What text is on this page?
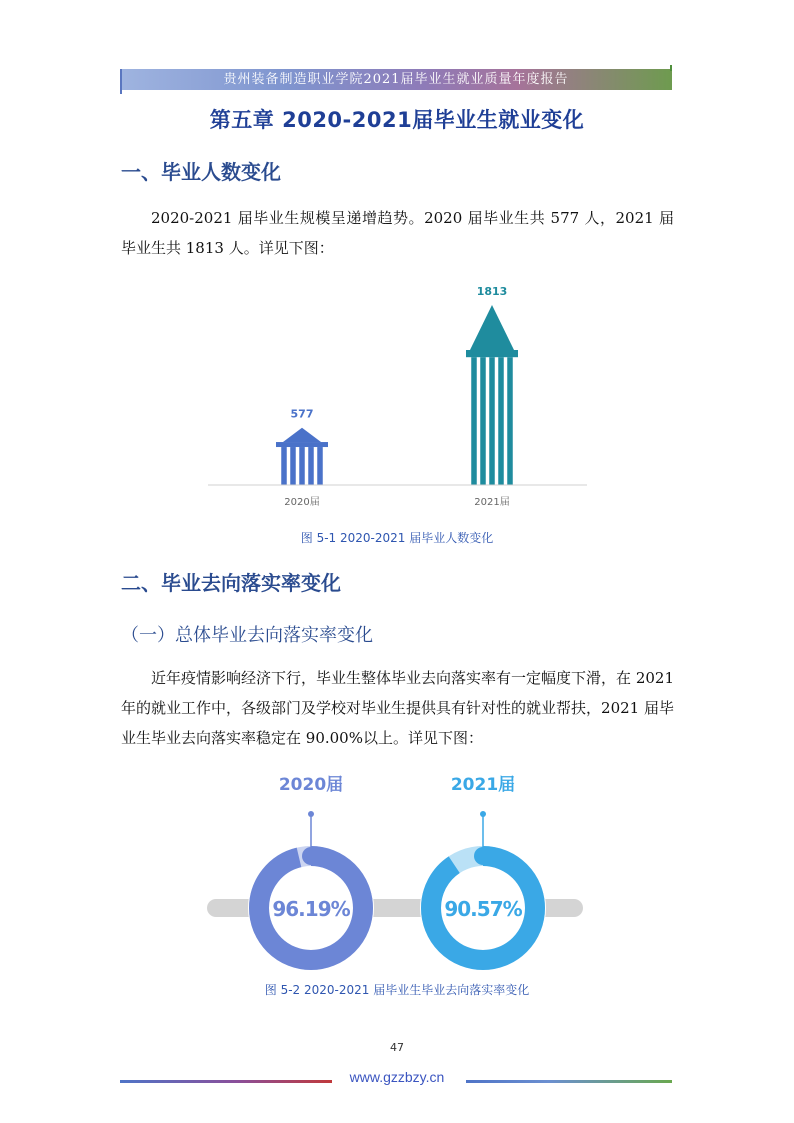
贵州装备制造职业学院2021届毕业生就业质量年度报告
第五章 2020-2021届毕业生就业变化
一、毕业人数变化
2020-2021 届毕业生规模呈递增趋势。2020 届毕业生共 577 人，2021 届毕业生共 1813 人。详见下图：
577
2020届
1813
2021届
图 5-1 2020-2021 届毕业人数变化
二、毕业去向落实率变化
（一）总体毕业去向落实率变化
近年疫情影响经济下行，毕业生整体毕业去向落实率有一定幅度下滑，在 2021 年的就业工作中，各级部门及学校对毕业生提供具有针对性的就业帮扶，2021 届毕业生毕业去向落实率稳定在 90.00%以上。详见下图：
96.19%
2020届
90.57%
2021届
图 5-2 2020-2021 届毕业生毕业去向落实率变化
47
www.gzzbzy.cn
